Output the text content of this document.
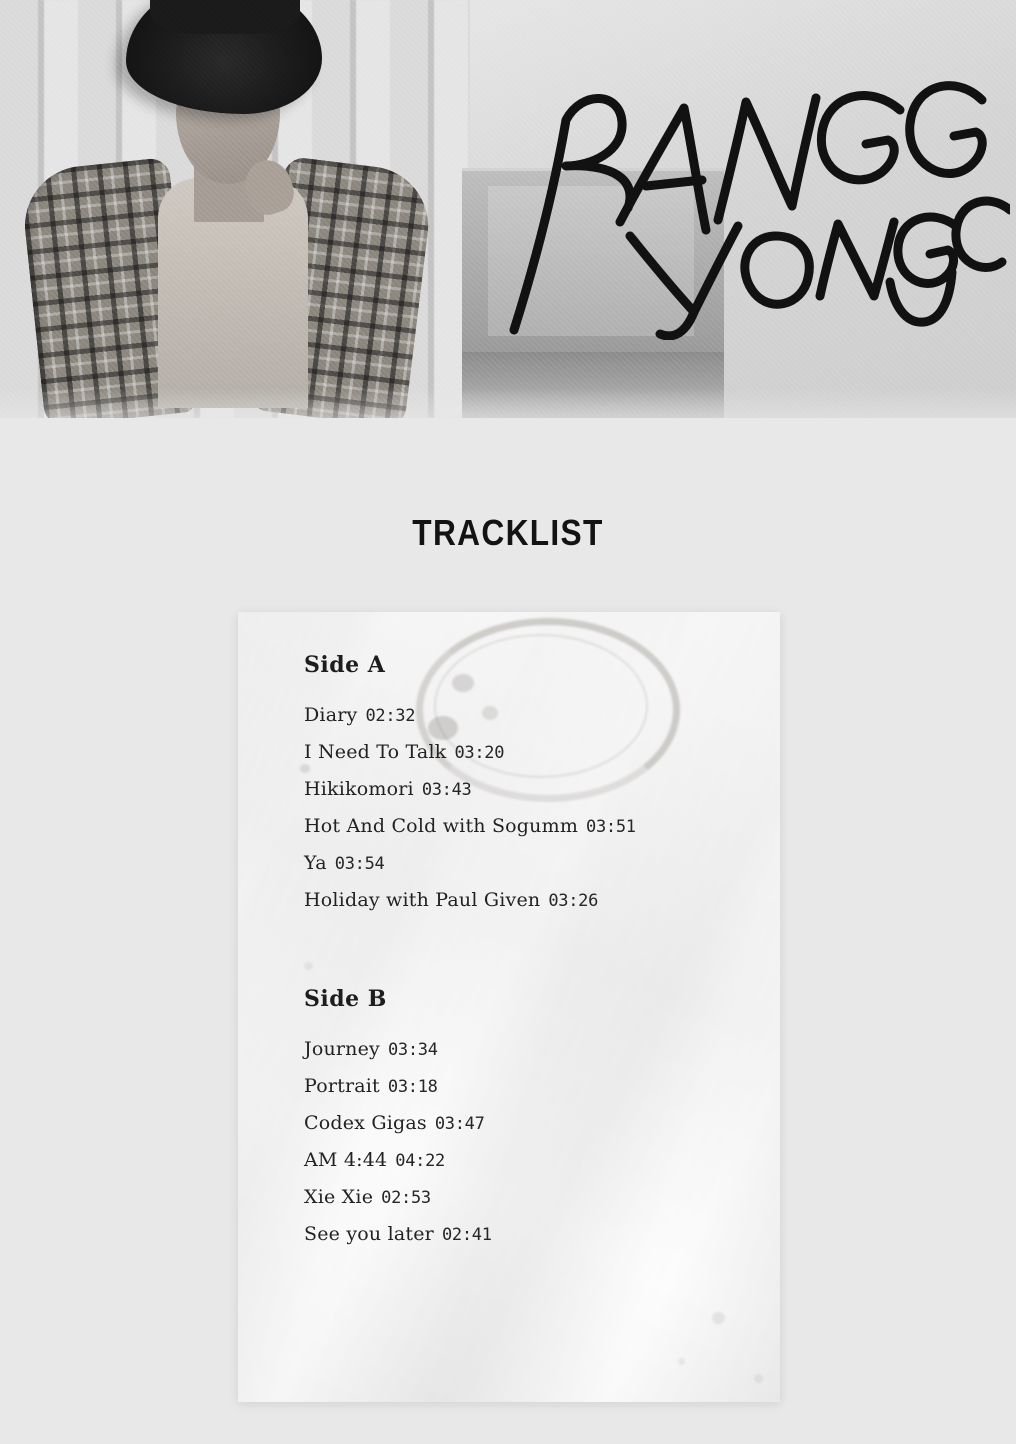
TRACKLIST
Side A
Diary 02:32
I Need To Talk 03:20
Hikikomori 03:43
Hot And Cold with Sogumm 03:51
Ya 03:54
Holiday with Paul Given 03:26
Side B
Journey 03:34
Portrait 03:18
Codex Gigas 03:47
AM 4:44 04:22
Xie Xie 02:53
See you later 02:41
